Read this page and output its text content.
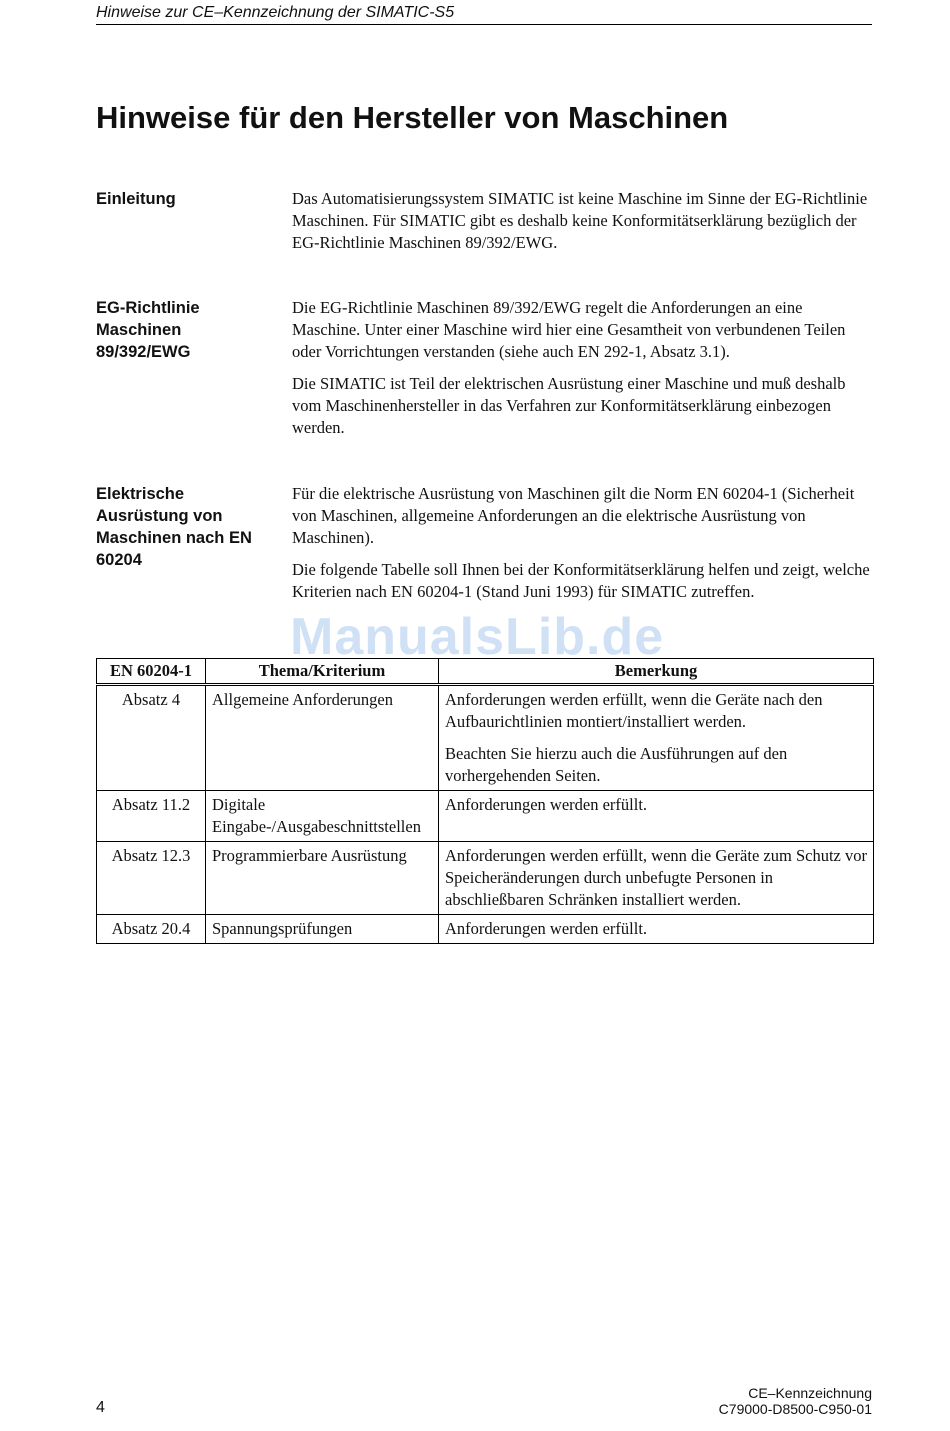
Hinweise zur CE–Kennzeichnung der SIMATIC-S5
Hinweise für den Hersteller von Maschinen
Einleitung	Das Automatisierungssystem SIMATIC ist keine Maschine im Sinne der EG-Richtlinie Maschinen. Für SIMATIC gibt es deshalb keine Konformitätserklärung bezüglich der EG-Richtlinie Maschinen 89/392/EWG.

EG-Richtlinie Maschinen 89/392/EWG

Die EG-Richtlinie Maschinen 89/392/EWG regelt die Anforderungen an eine Maschine. Unter einer Maschine wird hier eine Gesamtheit von verbundenen Teilen oder Vorrichtungen verstanden (siehe auch EN 292-1, Absatz 3.1).

Die SIMATIC ist Teil der elektrischen Ausrüstung einer Maschine und muß deshalb vom Maschinenhersteller in das Verfahren zur Konformitätserklärung einbezogen werden.

Elektrische Ausrüstung von Maschinen nach EN 60204

Für die elektrische Ausrüstung von Maschinen gilt die Norm EN 60204-1 (Sicherheit von Maschinen, allgemeine Anforderungen an die elektrische Ausrüstung von Maschinen).

Die folgende Tabelle soll Ihnen bei der Konformitätserklärung helfen und zeigt, welche Kriterien nach EN 60204-1 (Stand Juni 1993) für SIMATIC zutreffen.

EN 60204-1	Thema/Kriterium	Bemerkung
Absatz 4	Allgemeine Anforderungen	Anforderungen werden erfüllt, wenn die Geräte nach den Aufbaurichtlinien montiert/installiert werden.

Beachten Sie hierzu auch die Ausführungen auf den vorhergehenden Seiten.

Absatz 11.2	Digitale Eingabe-/Ausgabeschnittstellen	Anforderungen werden erfüllt.

Absatz 12.3	Programmierbare Ausrüstung	Anforderungen werden erfüllt, wenn die Geräte zum Schutz vor Speicheränderungen durch unbefugte Personen in abschließbaren Schränken installiert werden.

Absatz 20.4	Spannungsprüfungen	Anforderungen werden erfüllt.

ManualsLib.de
4
CE–Kennzeichnung
C79000-D8500-C950-01
